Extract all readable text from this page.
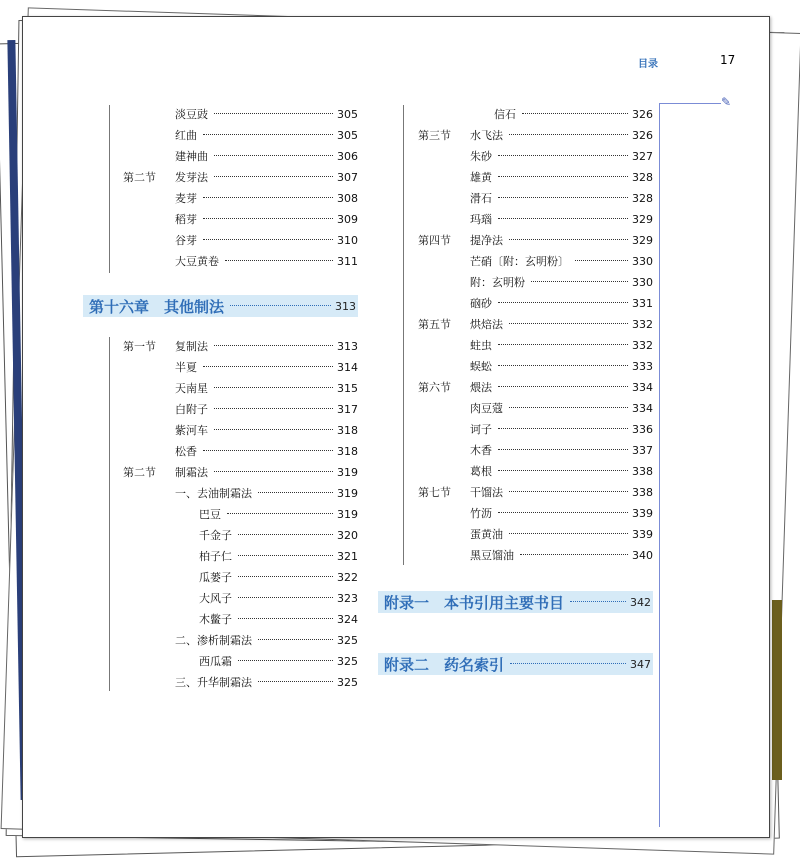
目录	17
✎
淡豆豉	305
红曲	305
建神曲	306
第二节	发芽法	307
麦芽	308
稻芽	309
谷芽	310
大豆黄卷	311
第十六章　其他制法	313
第一节	复制法	313
半夏	314
天南星	315
白附子	317
紫河车	318
松香	318
第二节	制霜法	319
一、去油制霜法	319
巴豆	319
千金子	320
柏子仁	321
瓜蒌子	322
大风子	323
木鳖子	324
二、渗析制霜法	325
西瓜霜	325
三、升华制霜法	325
信石	326
第三节	水飞法	326
朱砂	327
雄黄	328
滑石	328
玛瑙	329
第四节	提净法	329
芒硝〔附：玄明粉〕	330
附：玄明粉	330
硇砂	331
第五节	烘焙法	332
蛀虫	332
蜈蚣	333
第六节	煨法	334
肉豆蔻	334
诃子	336
木香	337
葛根	338
第七节	干馏法	338
竹沥	339
蛋黄油	339
黑豆馏油	340
附录一　本书引用主要书目	342
附录二　药名索引	347
